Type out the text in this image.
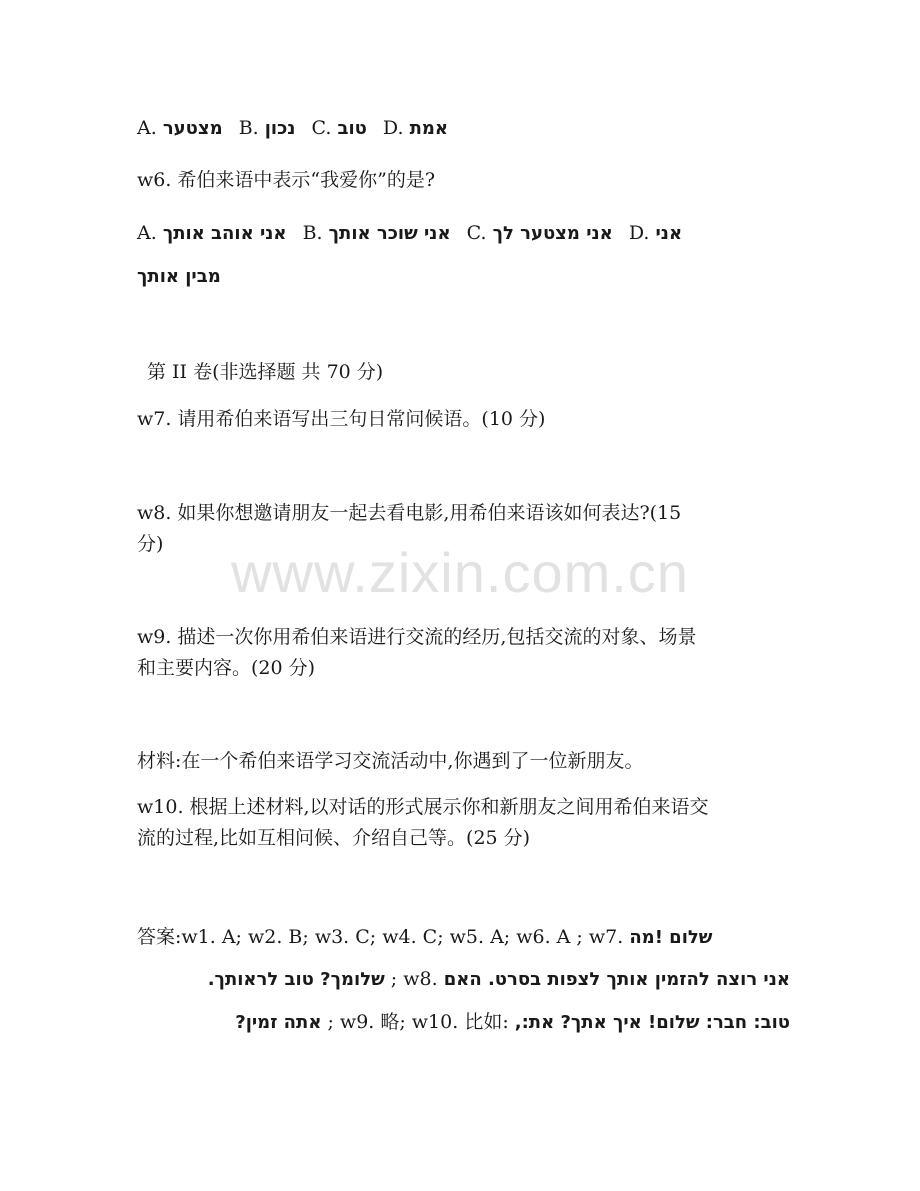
www.zixin.com.cn
A. מצטער B. נכון C. טוב D. אמת
w6. 希伯来语中表示“我爱你”的是?
A. אני אוהב אותך B. אני שוכר אותך C. אני מצטער לך D. אני
מבין אותך
第 II 卷(非选择题 共 70 分)
w7. 请用希伯来语写出三句日常问候语。(10 分)
w8. 如果你想邀请朋友一起去看电影,用希伯来语该如何表达?(15
分)
w9. 描述一次你用希伯来语进行交流的经历,包括交流的对象、场景
和主要内容。(20 分)
材料:在一个希伯来语学习交流活动中,你遇到了一位新朋友。
w10. 根据上述材料,以对话的形式展示你和新朋友之间用希伯来语交
流的过程,比如互相问候、介绍自己等。(25 分)
答案:w1. A; w2. B; w3. C; w4. C; w5. A; w6. A ; w7. שלום !מה
אני רוצה להזמין אותך לצפות בסרט. האם ; w8. שלומך? טוב לראותך.
טוב: חבר: שלום! איך אתך? את:, ; w9. 略; w10. 比如: אתה זמין?
